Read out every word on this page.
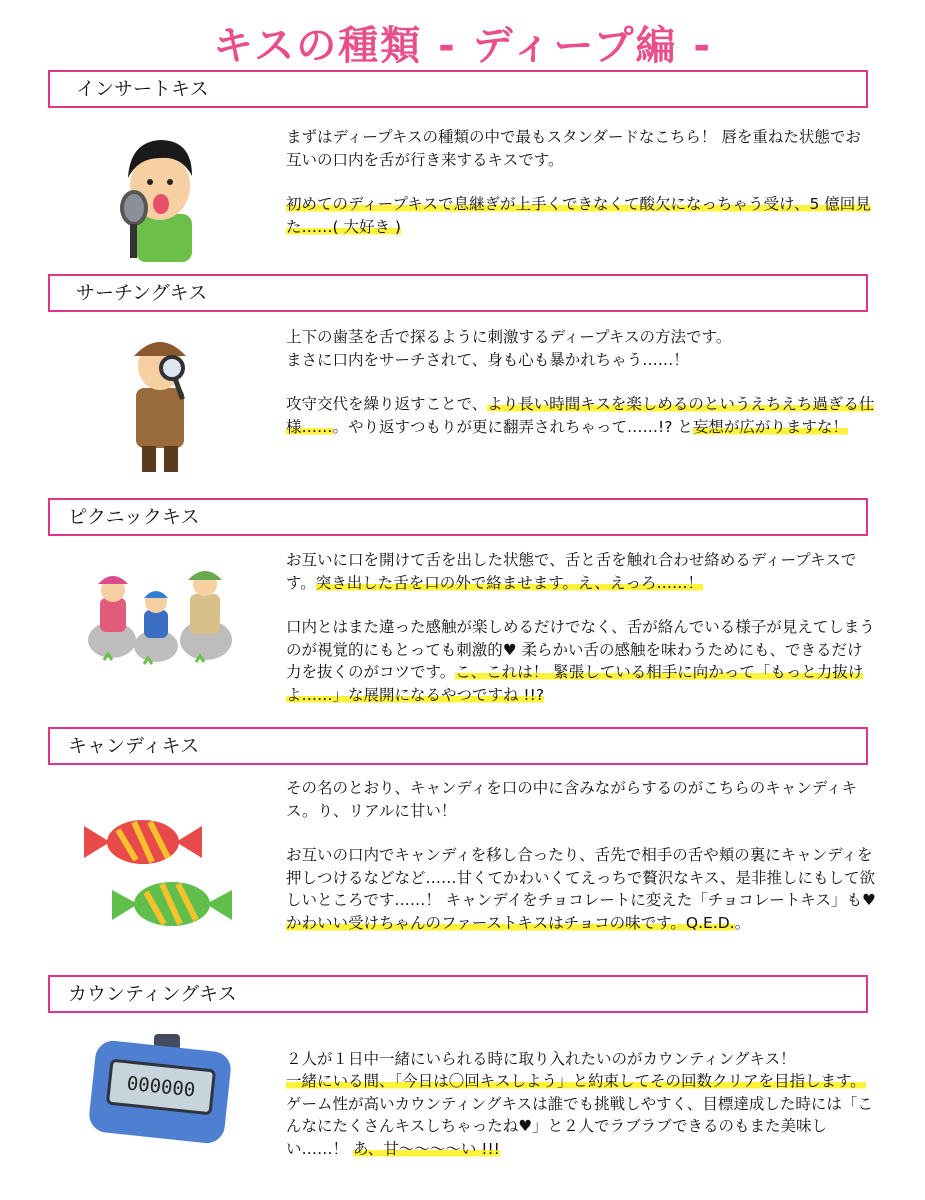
キスの種類 - ディープ編 -
インサートキス

まずはディープキスの種類の中で最もスタンダードなこちら！ 唇を重ねた状態でお互いの口内を舌が行き来するキスです。

初めてのディープキスで息継ぎが上手くできなくて酸欠になっちゃう受け、5 億回見た……( 大好き )

サーチングキス

上下の歯茎を舌で探るように刺激するディープキスの方法です。
まさに口内をサーチされて、身も心も暴かれちゃう……！

攻守交代を繰り返すことで、より長い時間キスを楽しめるのというえちえち過ぎる仕様……。やり返すつもりが更に翻弄されちゃって……!? と妄想が広がりますな！

ピクニックキス

お互いに口を開けて舌を出した状態で、舌と舌を触れ合わせ絡めるディープキスです。突き出した舌を口の外で絡ませます。え、えっろ……！

口内とはまた違った感触が楽しめるだけでなく、舌が絡んでいる様子が見えてしまうのが視覚的にもとっても刺激的♥ 柔らかい舌の感触を味わうためにも、できるだけ力を抜くのがコツです。こ、これは！ 緊張している相手に向かって「もっと力抜けよ……」な展開になるやつですね !!?

キャンディキス

その名のとおり、キャンディを口の中に含みながらするのがこちらのキャンディキス。り、リアルに甘い！

お互いの口内でキャンディを移し合ったり、舌先で相手の舌や頬の裏にキャンディを押しつけるなどなど……甘くてかわいくてえっちで贅沢なキス、是非推しにもして欲しいところです……！ キャンデイをチョコレートに変えた「チョコレートキス」も♥ かわいい受けちゃんのファーストキスはチョコの味です。Q.E.D.。

カウンティングキス
000000

２人が１日中一緒にいられる時に取り入れたいのがカウンティングキス！
一緒にいる間、「今日は〇回キスしよう」と約束してその回数クリアを目指します。
ゲーム性が高いカウンティングキスは誰でも挑戦しやすく、目標達成した時には「こんなにたくさんキスしちゃったね♥」と２人でラブラブできるのもまた美味しい……！ あ、甘〜〜〜〜い !!!
